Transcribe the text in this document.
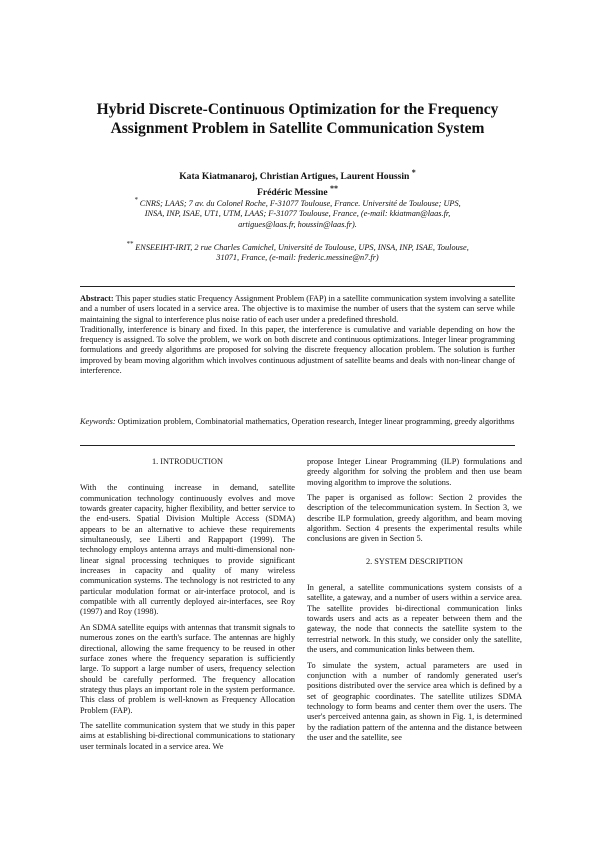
Hybrid Discrete-Continuous Optimization for the Frequency Assignment Problem in Satellite Communication System
Kata Kiatmanaroj, Christian Artigues, Laurent Houssin *
Frédéric Messine **
* CNRS; LAAS; 7 av. du Colonel Roche, F-31077 Toulouse, France. Université de Toulouse; UPS, INSA, INP, ISAE, UT1, UTM, LAAS; F-31077 Toulouse, France, (e-mail: kkiatman@laas.fr, artigues@laas.fr, houssin@laas.fr).
** ENSEEIHT-IRIT, 2 rue Charles Camichel, Université de Toulouse, UPS, INSA, INP, ISAE, Toulouse, 31071, France, (e-mail: frederic.messine@n7.fr)

Abstract: This paper studies static Frequency Assignment Problem (FAP) in a satellite communication system involving a satellite and a number of users located in a service area. The objective is to maximise the number of users that the system can serve while maintaining the signal to interference plus noise ratio of each user under a predefined threshold.

Traditionally, interference is binary and fixed. In this paper, the interference is cumulative and variable depending on how the frequency is assigned. To solve the problem, we work on both discrete and continuous optimizations. Integer linear programming formulations and greedy algorithms are proposed for solving the discrete frequency allocation problem. The solution is further improved by beam moving algorithm which involves continuous adjustment of satellite beams and deals with non-linear change of interference.

Keywords: Optimization problem, Combinatorial mathematics, Operation research, Integer linear programming, greedy algorithms
1. INTRODUCTION

With the continuing increase in demand, satellite communication technology continuously evolves and move towards greater capacity, higher flexibility, and better service to the end-users. Spatial Division Multiple Access (SDMA) appears to be an alternative to achieve these requirements simultaneously, see Liberti and Rappaport (1999). The technology employs antenna arrays and multi-dimensional non-linear signal processing techniques to provide significant increases in capacity and quality of many wireless communication systems. The technology is not restricted to any particular modulation format or air-interface protocol, and is compatible with all currently deployed air-interfaces, see Roy (1997) and Roy (1998).

An SDMA satellite equips with antennas that transmit signals to numerous zones on the earth's surface. The antennas are highly directional, allowing the same frequency to be reused in other surface zones where the frequency separation is sufficiently large. To support a large number of users, frequency selection should be carefully performed. The frequency allocation strategy thus plays an important role in the system performance. This class of problem is well-known as Frequency Allocation Problem (FAP).

The satellite communication system that we study in this paper aims at establishing bi-directional communications to stationary user terminals located in a service area. We

propose Integer Linear Programming (ILP) formulations and greedy algorithm for solving the problem and then use beam moving algorithm to improve the solutions.

The paper is organised as follow: Section 2 provides the description of the telecommunication system. In Section 3, we describe ILP formulation, greedy algorithm, and beam moving algorithm. Section 4 presents the experimental results while conclusions are given in Section 5.

2. SYSTEM DESCRIPTION

In general, a satellite communications system consists of a satellite, a gateway, and a number of users within a service area. The satellite provides bi-directional communication links towards users and acts as a repeater between them and the gateway, the node that connects the satellite system to the terrestrial network. In this study, we consider only the satellite, the users, and communication links between them.

To simulate the system, actual parameters are used in conjunction with a number of randomly generated user's positions distributed over the service area which is defined by a set of geographic coordinates. The satellite utilizes SDMA technology to form beams and center them over the users. The user's perceived antenna gain, as shown in Fig. 1, is determined by the radiation pattern of the antenna and the distance between the user and the satellite, see
